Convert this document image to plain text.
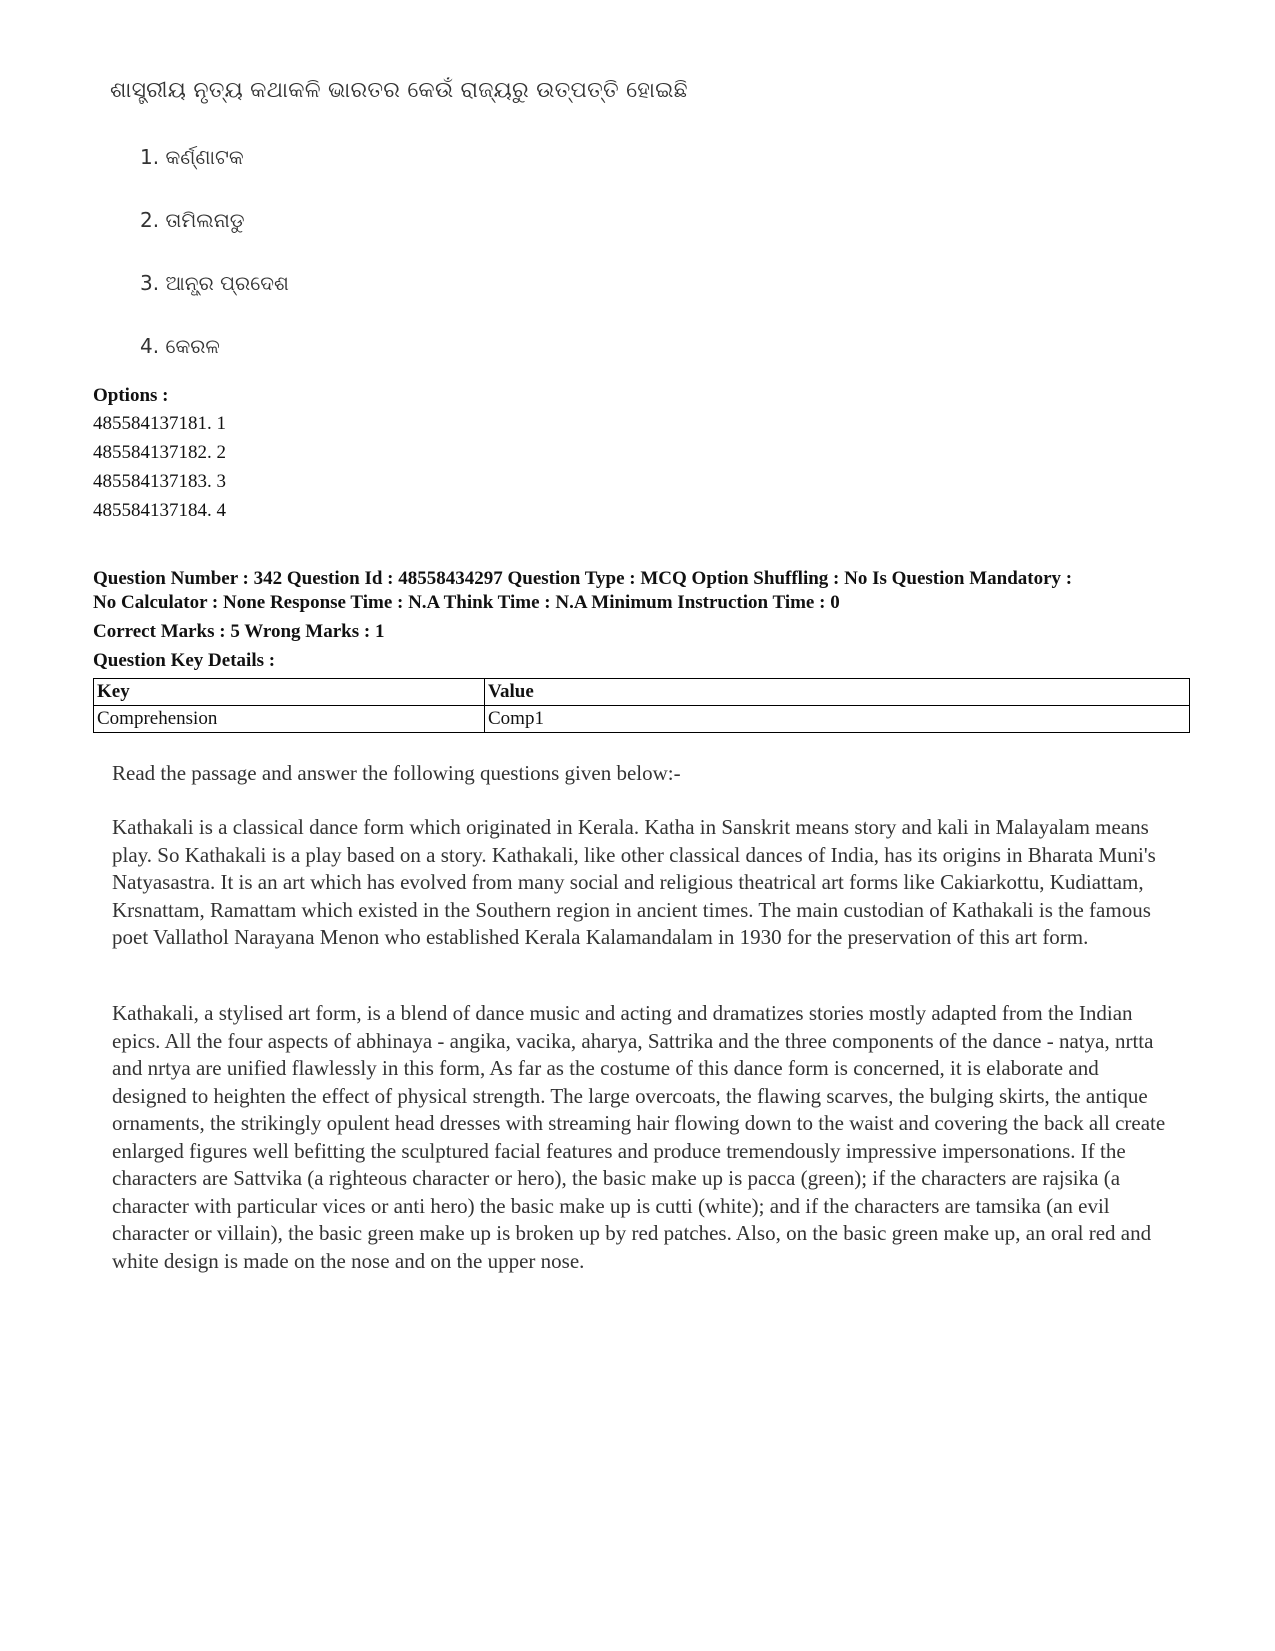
ଶାସ୍ତ୍ରୀୟ ନୃତ୍ୟ କଥାକଳି ଭାରତର କେଉଁ ରାଜ୍ୟରୁ ଉତ୍ପତ୍ତି ହୋଇଛି
1. କର୍ଣ୍ଣାଟକ
2. ତାମିଲନାଡୁ
3. ଆନ୍ଧ୍ର ପ୍ରଦେଶ
4. କେରଳ
Options :
485584137181. 1
485584137182. 2
485584137183. 3
485584137184. 4
Question Number : 342 Question Id : 48558434297 Question Type : MCQ Option Shuffling : No Is Question Mandatory :
No Calculator : None Response Time : N.A Think Time : N.A Minimum Instruction Time : 0
Correct Marks : 5 Wrong Marks : 1
Question Key Details :
Key	Value
Comprehension	Comp1
Read the passage and answer the following questions given below:-
Kathakali is a classical dance form which originated in Kerala. Katha in Sanskrit means story and kali in Malayalam means play. So Kathakali is a play based on a story. Kathakali, like other classical dances of India, has its origins in Bharata Muni's Natyasastra. It is an art which has evolved from many social and religious theatrical art forms like Cakiarkottu, Kudiattam, Krsnattam, Ramattam which existed in the Southern region in ancient times. The main custodian of Kathakali is the famous poet Vallathol Narayana Menon who established Kerala Kalamandalam in 1930 for the preservation of this art form.
Kathakali, a stylised art form, is a blend of dance music and acting and dramatizes stories mostly adapted from the Indian epics. All the four aspects of abhinaya - angika, vacika, aharya, Sattrika and the three components of the dance - natya, nrtta and nrtya are unified flawlessly in this form, As far as the costume of this dance form is concerned, it is elaborate and designed to heighten the effect of physical strength. The large overcoats, the flawing scarves, the bulging skirts, the antique ornaments, the strikingly opulent head dresses with streaming hair flowing down to the waist and covering the back all create enlarged figures well befitting the sculptured facial features and produce tremendously impressive impersonations. If the characters are Sattvika (a righteous character or hero), the basic make up is pacca (green); if the characters are rajsika (a character with particular vices or anti hero) the basic make up is cutti (white); and if the characters are tamsika (an evil character or villain), the basic green make up is broken up by red patches. Also, on the basic green make up, an oral red and white design is made on the nose and on the upper nose.
